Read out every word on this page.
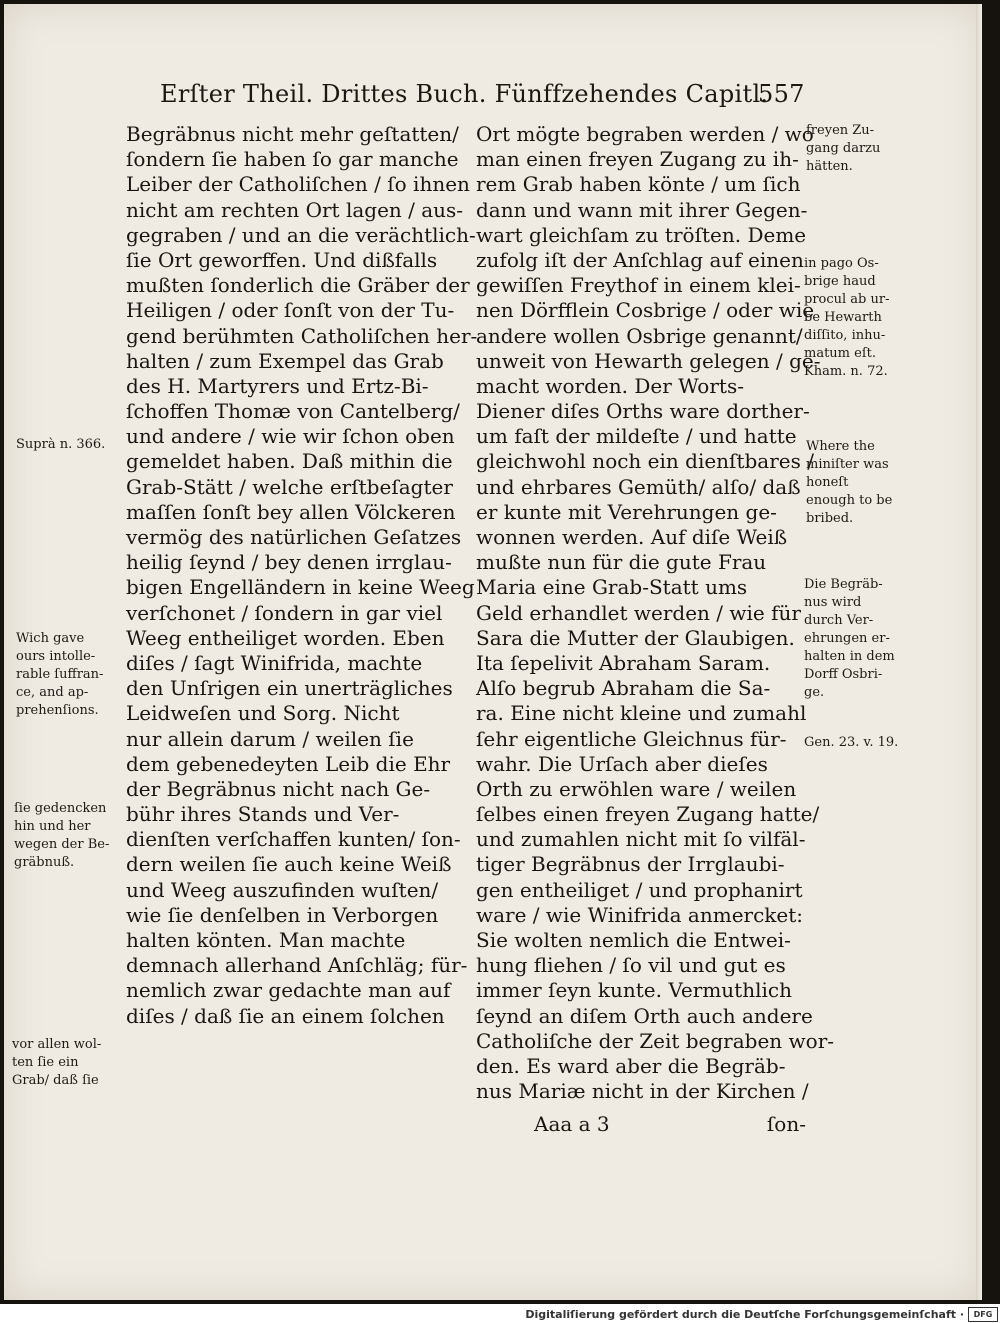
Erſter Theil. Drittes Buch. Fünffzehendes Capitl.
557
Begräbnus nicht mehr geſtatten/
ſondern ſie haben ſo gar manche
Leiber der Catholiſchen / ſo ihnen
nicht am rechten Ort lagen / aus-
gegraben / und an die verächtlich-
ſie Ort geworffen. Und dißfalls
mußten ſonderlich die Gräber der
Heiligen / oder ſonſt von der Tu-
gend berühmten Catholiſchen her-
halten / zum Exempel das Grab
des H. Martyrers und Ertz-Bi-
ſchoffen Thomæ von Cantelberg/
und andere / wie wir ſchon oben
gemeldet haben. Daß mithin die
Grab-Stätt / welche erſtbeſagter
maſſen ſonſt bey allen Völckeren
vermög des natürlichen Geſatzes
heilig ſeynd / bey denen irrglau-
bigen Engelländern in keine Weeg
verſchonet / ſondern in gar viel
Weeg entheiliget worden. Eben
diſes / ſagt Winifrida, machte
den Unſrigen ein unerträgliches
Leidweſen und Sorg. Nicht
nur allein darum / weilen ſie
dem gebenedeyten Leib die Ehr
der Begräbnus nicht nach Ge-
bühr ihres Stands und Ver-
dienſten verſchaffen kunten/ ſon-
dern weilen ſie auch keine Weiß
und Weeg auszufinden wuſten/
wie ſie denſelben in Verborgen
halten könten. Man machte
demnach allerhand Anſchläg; für-
nemlich zwar gedachte man auf
diſes / daß ſie an einem ſolchen
Ort mögte begraben werden / wo
man einen freyen Zugang zu ih-
rem Grab haben könte / um ſich
dann und wann mit ihrer Gegen-
wart gleichſam zu tröſten. Deme
zufolg iſt der Anſchlag auf einen
gewiſſen Freythof in einem klei-
nen Dörfflein Cosbrige / oder wie
andere wollen Osbrige genannt/
unweit von Hewarth gelegen / ge-
macht worden. Der Worts-
Diener diſes Orths ware dorther-
um faſt der mildeſte / und hatte
gleichwohl noch ein dienſtbares /
und ehrbares Gemüth/ alſo/ daß
er kunte mit Verehrungen ge-
wonnen werden. Auf diſe Weiß
mußte nun für die gute Frau
Maria eine Grab-Statt ums
Geld erhandlet werden / wie für
Sara die Mutter der Glaubigen.
Ita ſepelivit Abraham Saram.
Alſo begrub Abraham die Sa-
ra. Eine nicht kleine und zumahl
ſehr eigentliche Gleichnus für-
wahr. Die Urſach aber dieſes
Orth zu erwöhlen ware / weilen
ſelbes einen freyen Zugang hatte/
und zumahlen nicht mit ſo vilfäl-
tiger Begräbnus der Irrglaubi-
gen entheiliget / und prophanirt
ware / wie Winifrida anmercket:
Sie wolten nemlich die Entwei-
hung fliehen / ſo vil und gut es
immer ſeyn kunte. Vermuthlich
ſeynd an diſem Orth auch andere
Catholiſche der Zeit begraben wor-
den. Es ward aber die Begräb-
nus Mariæ nicht in der Kirchen /
Suprà n. 366.
Wich gave
ours intolle-
rable ſuffran-
ce, and ap-
prehenſions.
ſie gedencken
hin und her
wegen der Be-
gräbnuß.
vor allen wol-
ten ſie ein
Grab/ daß ſie
freyen Zu-
gang darzu
hätten.
in pago Os-
brige haud
procul ab ur-
be Hewarth
diſſito, inhu-
matum eſt.
Kham. n. 72.
Where the
miniſter was
honeſt
enough to be
bribed.
Die Begräb-
nus wird
durch Ver-
ehrungen er-
halten in dem
Dorff Osbri-
ge.
Gen. 23. v. 19.
Aaa a 3	ſon-
Digitaliſierung gefördert durch die Deutſche Forſchungsgemeinſchaft ·	DFG
